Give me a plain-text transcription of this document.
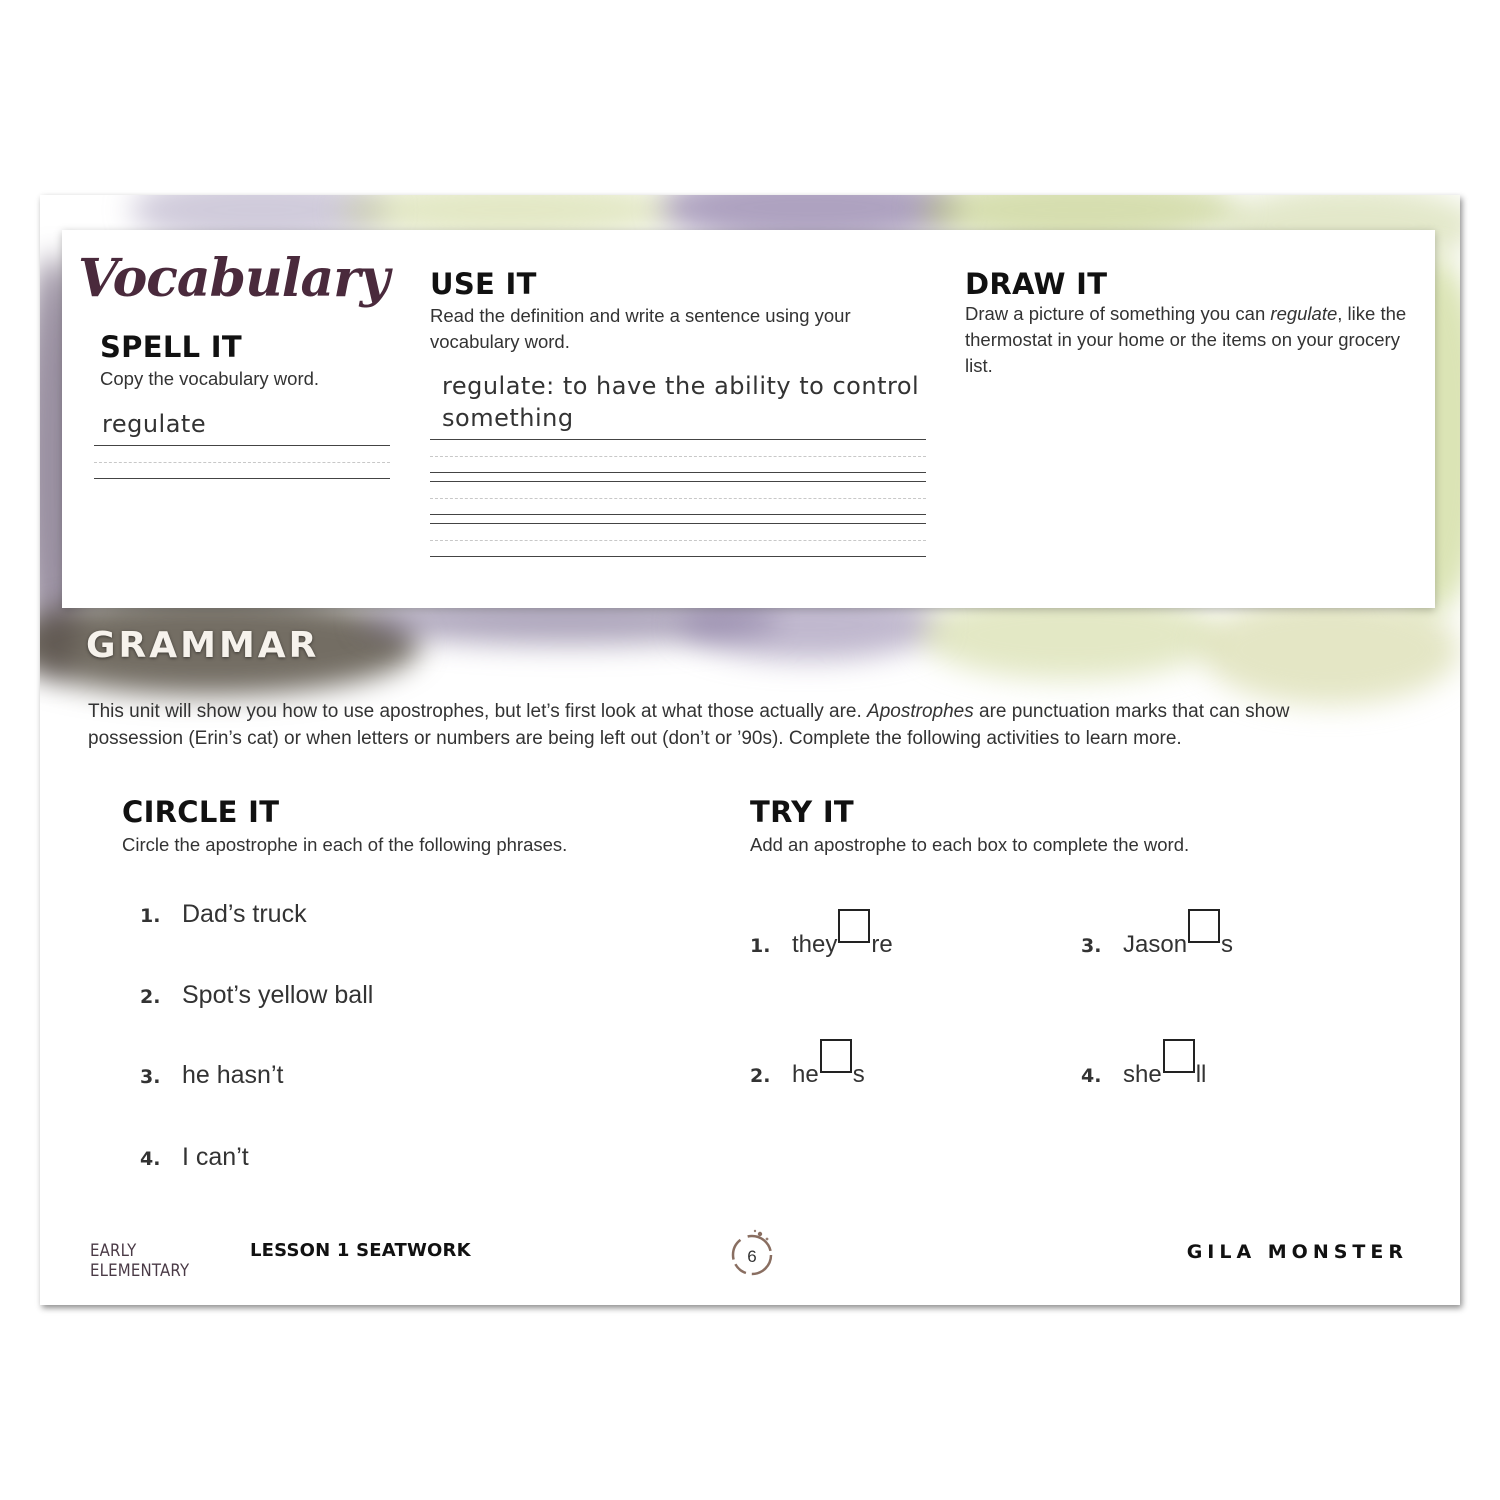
Vocabulary
SPELL IT

Copy the vocabulary word.

regulate
USE IT

Read the definition and write a sentence using your

vocabulary word.

regulate: to have the ability to control
something
DRAW IT

Draw a picture of something you can regulate, like the thermostat in your home or the items on your grocery list.

GRAMMAR

This unit will show you how to use apostrophes, but let’s first look at what those actually are. Apostrophes are punctuation marks that can show possession (Erin’s cat) or when letters or numbers are being left out (don’t or ’90s). Complete the following activities to learn more.

CIRCLE IT

Circle the apostrophe in each of the following phrases.

1. Dad’s truck
2. Spot’s yellow ball
3. he hasn’t
4. I can’t
TRY IT

Add an apostrophe to each box to complete the word.

1. they re
2. he s
3. Jason s
4. she ll
EARLY ELEMENTARY
LESSON 1 SEATWORK	6	GILA MONSTER
